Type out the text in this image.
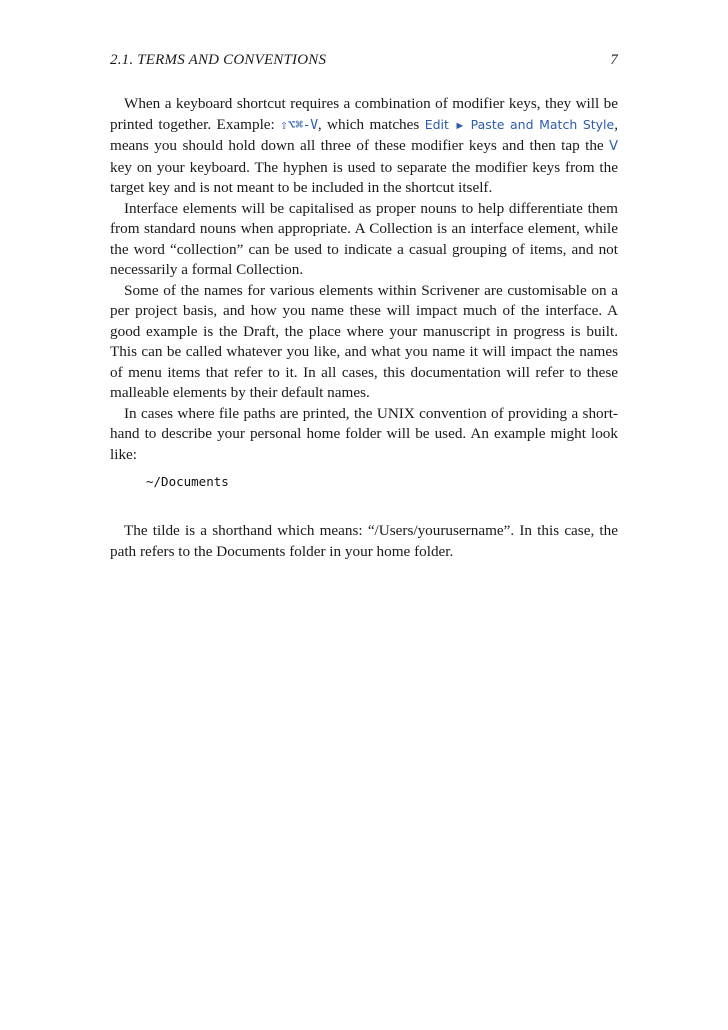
2.1. TERMS AND CONVENTIONS	7

When a keyboard shortcut requires a combination of modifier keys, they will be printed together. Example: ⇧⌥⌘-V, which matches Edit ► Paste and Match Style, means you should hold down all three of these modifier keys and then tap the V key on your keyboard. The hyphen is used to separate the modifier keys from the target key and is not meant to be included in the shortcut itself.

Interface elements will be capitalised as proper nouns to help differentiate them from standard nouns when appropriate. A Collection is an interface element, while the word “collection” can be used to indicate a casual grouping of items, and not necessarily a formal Collection.

Some of the names for various elements within Scrivener are customisable on a per project basis, and how you name these will impact much of the interface. A good example is the Draft, the place where your manuscript in progress is built. This can be called whatever you like, and what you name it will impact the names of menu items that refer to it. In all cases, this documentation will refer to these malleable elements by their default names.

In cases where file paths are printed, the UNIX convention of providing a short-hand to describe your personal home folder will be used. An example might look like:

~/Documents

The tilde is a shorthand which means: “/Users/yourusername”. In this case, the path refers to the Documents folder in your home folder.
